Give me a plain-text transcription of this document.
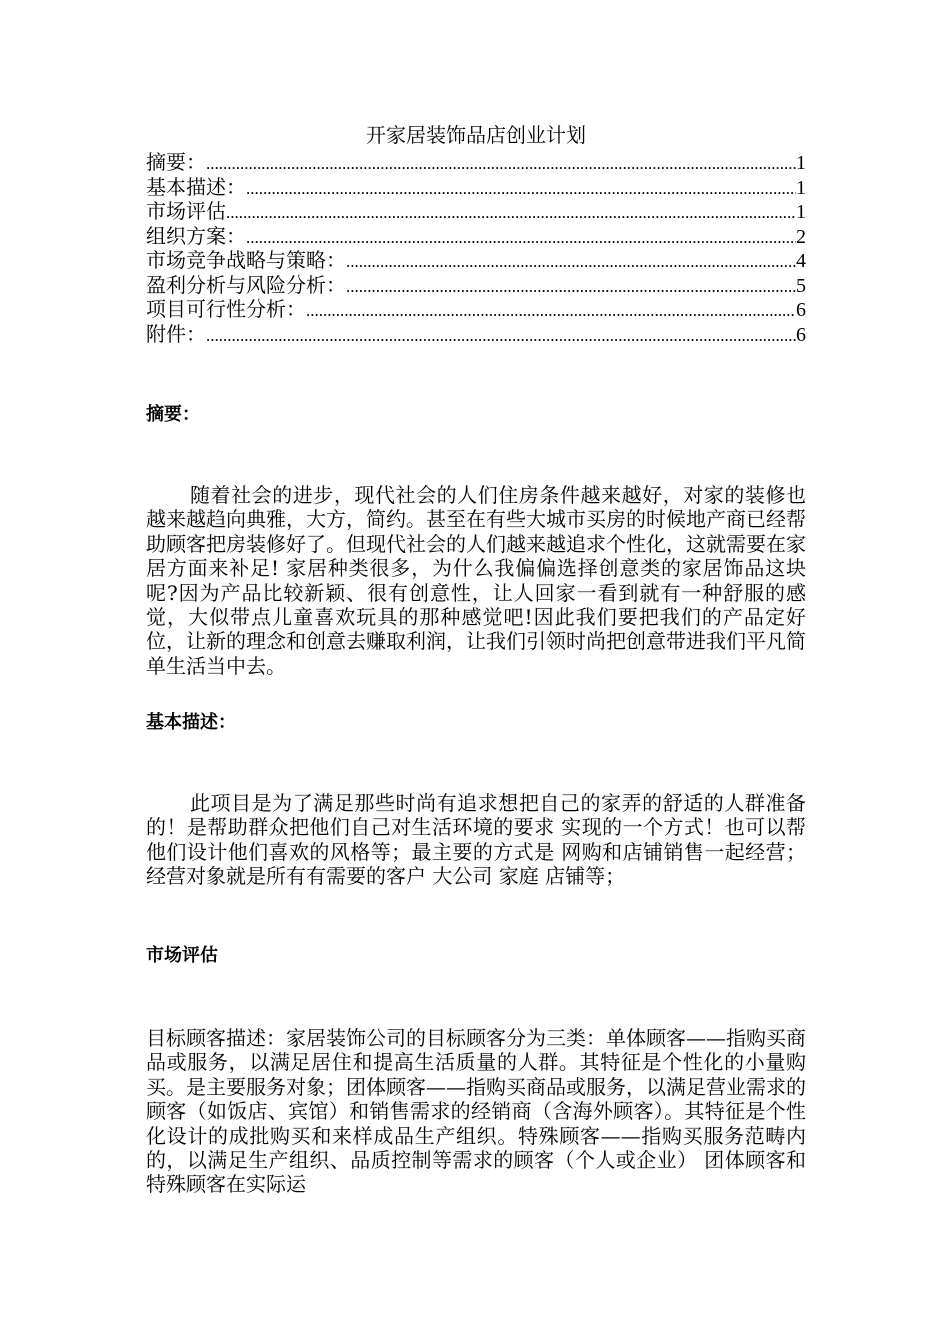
开家居装饰品店创业计划
摘要： .....	1
基本描述： .....	1
市场评估 .....	1
组织方案： .....	2
市场竞争战略与策略： .....	4
盈利分析与风险分析： .....	5
项目可行性分析： .....	6
附件： .....	6
摘要：

随着社会的进步，现代社会的人们住房条件越来越好，对家的装修也越来越趋向典雅，大方，简约。甚至在有些大城市买房的时候地产商已经帮助顾客把房装修好了。但现代社会的人们越来越追求个性化，这就需要在家居方面来补足! 家居种类很多，为什么我偏偏选择创意类的家居饰品这块呢?因为产品比较新颖、很有创意性，让人回家一看到就有一种舒服的感觉，大似带点儿童喜欢玩具的那种感觉吧!因此我们要把我们的产品定好位，让新的理念和创意去赚取利润，让我们引领时尚把创意带进我们平凡简单生活当中去。

基本描述：

此项目是为了满足那些时尚有追求想把自己的家弄的舒适的人群准备的！是帮助群众把他们自己对生活环境的要求 实现的一个方式！也可以帮他们设计他们喜欢的风格等；最主要的方式是 网购和店铺销售一起经营；经营对象就是所有有需要的客户 大公司 家庭 店铺等；

市场评估

目标顾客描述：家居装饰公司的目标顾客分为三类：单体顾客——指购买商品或服务，以满足居住和提高生活质量的人群。其特征是个性化的小量购买。是主要服务对象；团体顾客——指购买商品或服务，以满足营业需求的顾客（如饭店、宾馆）和销售需求的经销商（含海外顾客）。其特征是个性化设计的成批购买和来样成品生产组织。特殊顾客——指购买服务范畴内的，以满足生产组织、品质控制等需求的顾客（个人或企业） 团体顾客和特殊顾客在实际运
